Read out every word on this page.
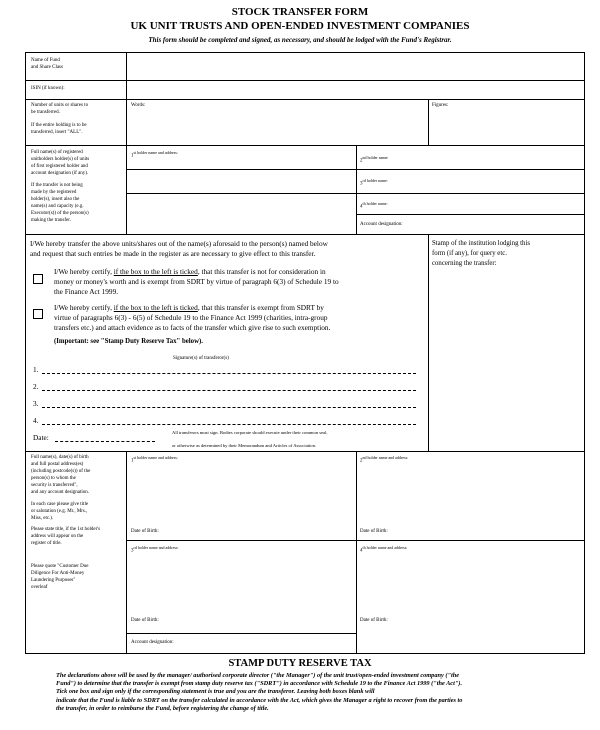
STOCK TRANSFER FORM
UK UNIT TRUSTS AND OPEN-ENDED INVESTMENT COMPANIES
This form should be completed and signed, as necessary, and should be lodged with the Fund's Registrar.
Name of Fund
and Share Class
ISIN (if known):
Number of units or shares to
be transferred.
If the entire holding is to be
transferred, insert "ALL".
Words:	Figures:
Full name(s) of registered
unitholders holder(s) of units
of first registered holder and
account designation (if any).
If the transfer is not being
made by the registered
holder(s), insert also the
name(s) and capacity (e.g.
Executor(s)) of the person(s)
making the transfer.
$1^{st holder name and address:}$
$2^{nd holder name:}$
$3^{rd holder name:}$
$4^{th holder name:}$
Account designation:
I/We hereby transfer the above units/shares out of the name(s) aforesaid to the person(s) named below
and request that such entries be made in the register as are necessary to give effect to this transfer.
I/We hereby certify, if the box to the left is ticked, that this transfer is not for consideration in
money or money's worth and is exempt from SDRT by virtue of paragraph 6(3) of Schedule 19 to
the Finance Act 1999.
I/We hereby certify, if the box to the left is ticked, that this transfer is exempt from SDRT by
virtue of paragraphs 6(3) - 6(5) of Schedule 19 to the Finance Act 1999 (charities, intra-group
transfers etc.) and attach evidence as to facts of the transfer which give rise to such exemption.
(Important: see "Stamp Duty Reserve Tax" below).
Signature(s) of transferor(s)
1.
2.
3.
4.
Date:
All transferors must sign. Bodies corporate should execute under their common seal,
or otherwise as determined by their Memorandum and Articles of Association.
Stamp of the institution lodging this
form (if any), for query etc.
concerning the transfer:
Full name(s), date(s) of birth
and full postal address(es)
(including postcode(s)) of the
person(s) to whom the
security is transferred",
and any account designation.
In each case please give title
or salutation (e.g. Mr., Mrs.,
Miss, etc.).
Please state title, if the 1st holder's
address will appear on the
register of title.
Please quote "Customer Due
Diligence For Anti-Money
Laundering Purposes"
overleaf
$1^{st holder name and address:}$
Date of Birth:
$2^{nd holder name and address:}$
Date of Birth:
$3^{rd holder name and address:}$
Date of Birth:
$4^{th holder name and address:}$
Date of Birth:
Account designation:
STAMP DUTY RESERVE TAX
The declarations above will be used by the manager/ authorised corporate director ("the Manager") of the unit trust/open-ended investment company ("the
Fund") to determine that the transfer is exempt from stamp duty reserve tax ("SDRT") in accordance with Schedule 19 to the Finance Act 1999 ("the Act").
Tick one box and sign only if the corresponding statement is true and you are the transferor. Leaving both boxes blank will
indicate that the Fund is liable to SDRT on the transfer calculated in accordance with the Act, which gives the Manager a right to recover from the parties to
the transfer, in order to reimburse the Fund, before registering the change of title.
